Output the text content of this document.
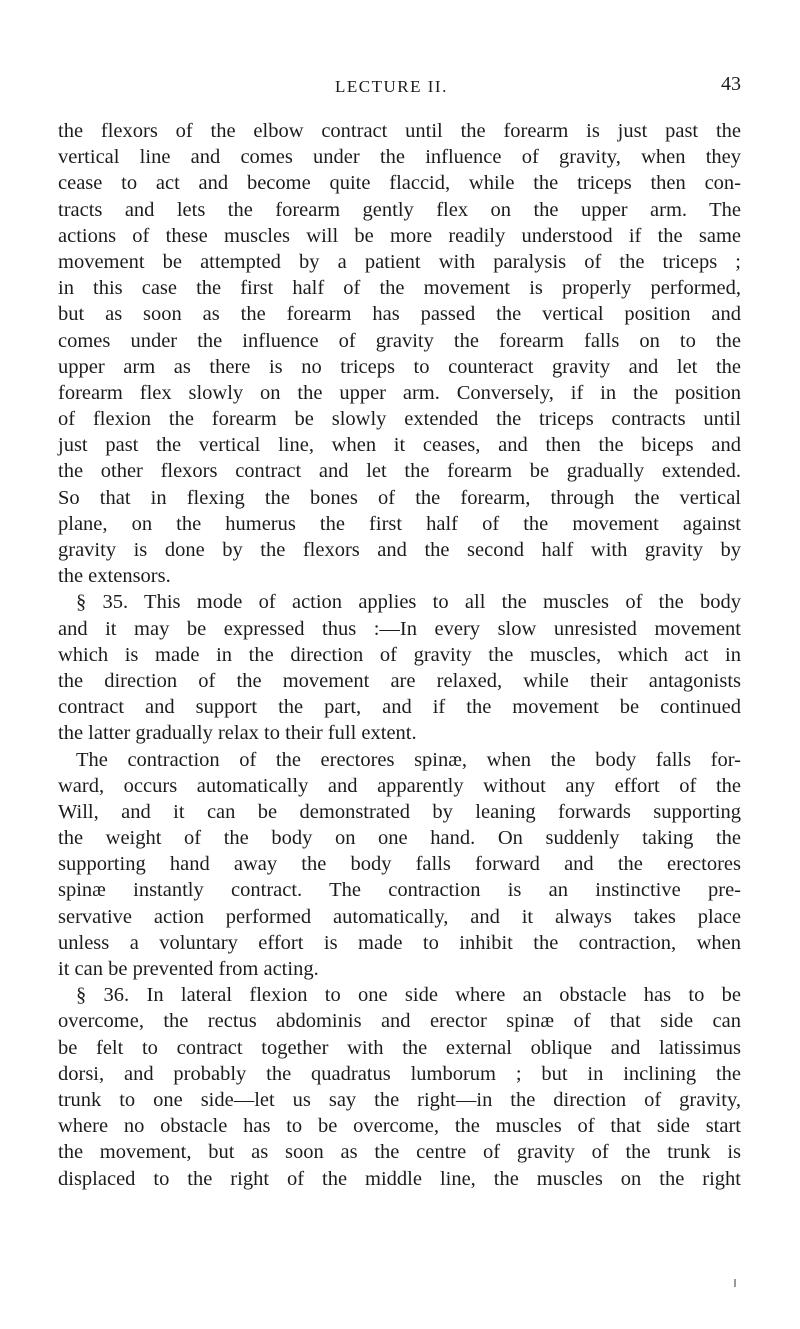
LECTURE II.	43
the flexors of the elbow contract until the forearm is just past the
vertical line and comes under the influence of gravity, when they
cease to act and become quite flaccid, while the triceps then con-
tracts and lets the forearm gently flex on the upper arm. The
actions of these muscles will be more readily understood if the same
movement be attempted by a patient with paralysis of the triceps ;
in this case the first half of the movement is properly performed,
but as soon as the forearm has passed the vertical position and
comes under the influence of gravity the forearm falls on to the
upper arm as there is no triceps to counteract gravity and let the
forearm flex slowly on the upper arm. Conversely, if in the position
of flexion the forearm be slowly extended the triceps contracts until
just past the vertical line, when it ceases, and then the biceps and
the other flexors contract and let the forearm be gradually extended.
So that in flexing the bones of the forearm, through the vertical
plane, on the humerus the first half of the movement against
gravity is done by the flexors and the second half with gravity by
the extensors.
§ 35. This mode of action applies to all the muscles of the body
and it may be expressed thus :—In every slow unresisted movement
which is made in the direction of gravity the muscles, which act in
the direction of the movement are relaxed, while their antagonists
contract and support the part, and if the movement be continued
the latter gradually relax to their full extent.
The contraction of the erectores spinæ, when the body falls for-
ward, occurs automatically and apparently without any effort of the
Will, and it can be demonstrated by leaning forwards supporting
the weight of the body on one hand. On suddenly taking the
supporting hand away the body falls forward and the erectores
spinæ instantly contract. The contraction is an instinctive pre-
servative action performed automatically, and it always takes place
unless a voluntary effort is made to inhibit the contraction, when
it can be prevented from acting.
§ 36. In lateral flexion to one side where an obstacle has to be
overcome, the rectus abdominis and erector spinæ of that side can
be felt to contract together with the external oblique and latissimus
dorsi, and probably the quadratus lumborum ; but in inclining the
trunk to one side—let us say the right—in the direction of gravity,
where no obstacle has to be overcome, the muscles of that side start
the movement, but as soon as the centre of gravity of the trunk is
displaced to the right of the middle line, the muscles on the right
